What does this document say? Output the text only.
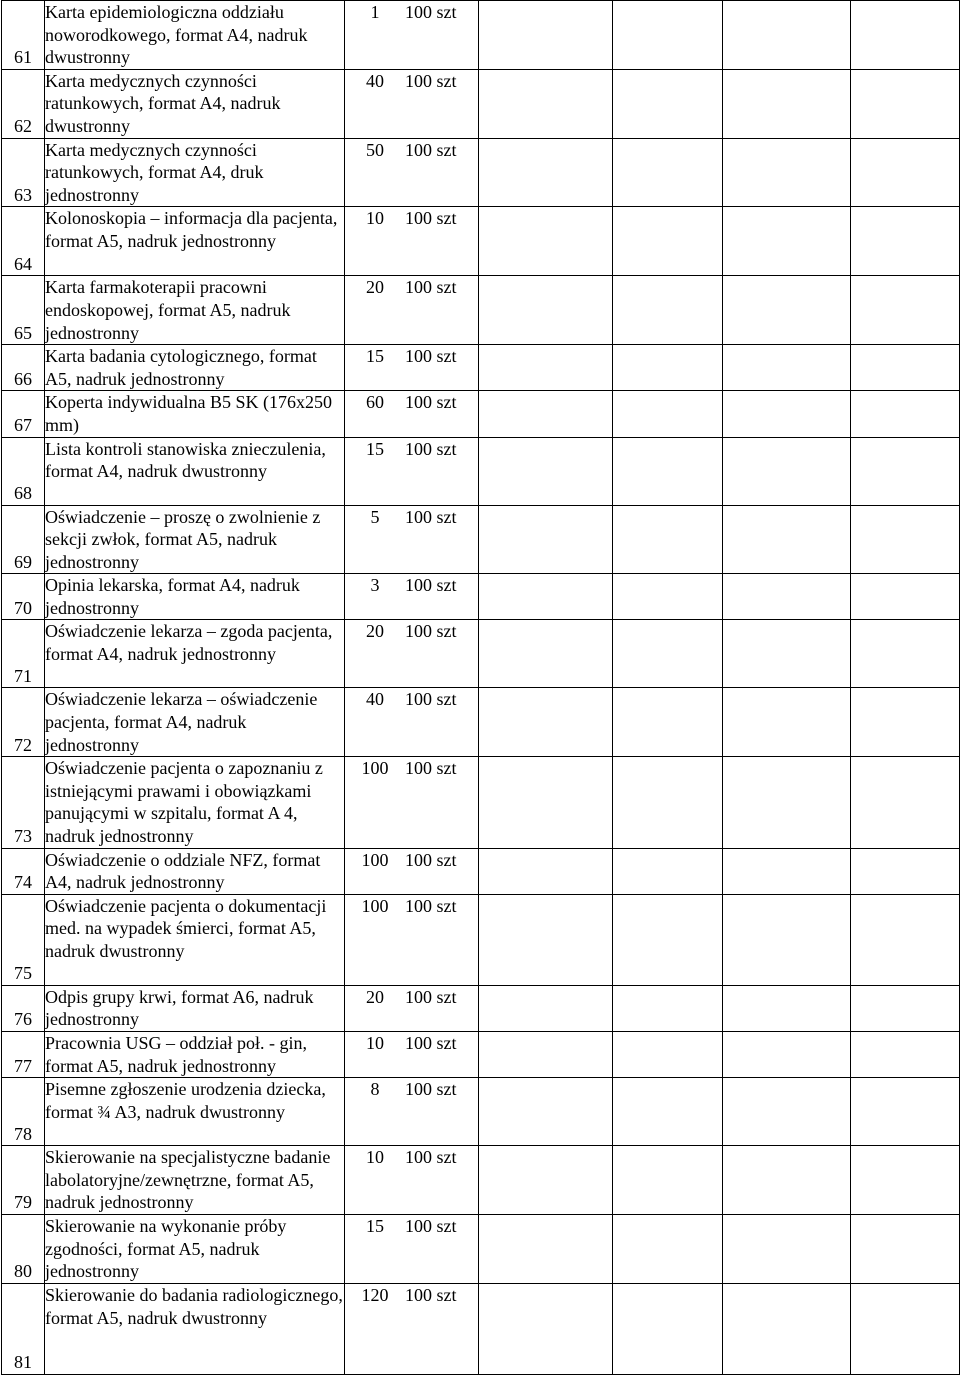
61	Karta epidemiologiczna oddziału noworodkowego, format A4, nadruk dwustronny	1 100 szt				
62	Karta medycznych czynności ratunkowych, format A4, nadruk dwustronny	40 100 szt				
63	Karta medycznych czynności ratunkowych, format A4, druk jednostronny	50 100 szt				
64	Kolonoskopia – informacja dla pacjenta, format A5, nadruk jednostronny	10 100 szt				
65	Karta farmakoterapii pracowni endoskopowej, format A5, nadruk jednostronny	20 100 szt				
66	Karta badania cytologicznego, format A5, nadruk jednostronny	15 100 szt				
67	Koperta indywidualna B5 SK (176x250 mm)	60 100 szt				
68	Lista kontroli stanowiska znieczulenia, format A4, nadruk dwustronny	15 100 szt				
69	Oświadczenie – proszę o zwolnienie z sekcji zwłok, format A5, nadruk jednostronny	5 100 szt				
70	Opinia lekarska, format A4, nadruk jednostronny	3 100 szt				
71	Oświadczenie lekarza – zgoda pacjenta, format A4, nadruk jednostronny	20 100 szt				
72	Oświadczenie lekarza – oświadczenie pacjenta, format A4, nadruk jednostronny	40 100 szt				
73	Oświadczenie pacjenta o zapoznaniu z istniejącymi prawami i obowiązkami panującymi w szpitalu, format A 4, nadruk jednostronny	100 100 szt				
74	Oświadczenie o oddziale NFZ, format A4, nadruk jednostronny	100 100 szt				
75	Oświadczenie pacjenta o dokumentacji med. na wypadek śmierci, format A5, nadruk dwustronny	100 100 szt				
76	Odpis grupy krwi, format A6, nadruk jednostronny	20 100 szt				
77	Pracownia USG – oddział poł. - gin, format A5, nadruk jednostronny	10 100 szt				
78	Pisemne zgłoszenie urodzenia dziecka, format ¾ A3, nadruk dwustronny	8 100 szt				
79	Skierowanie na specjalistyczne badanie labolatoryjne/zewnętrzne, format A5, nadruk jednostronny	10 100 szt				
80	Skierowanie na wykonanie próby zgodności, format A5, nadruk jednostronny	15 100 szt				
81	Skierowanie do badania radiologicznego, format A5, nadruk dwustronny	120 100 szt				
